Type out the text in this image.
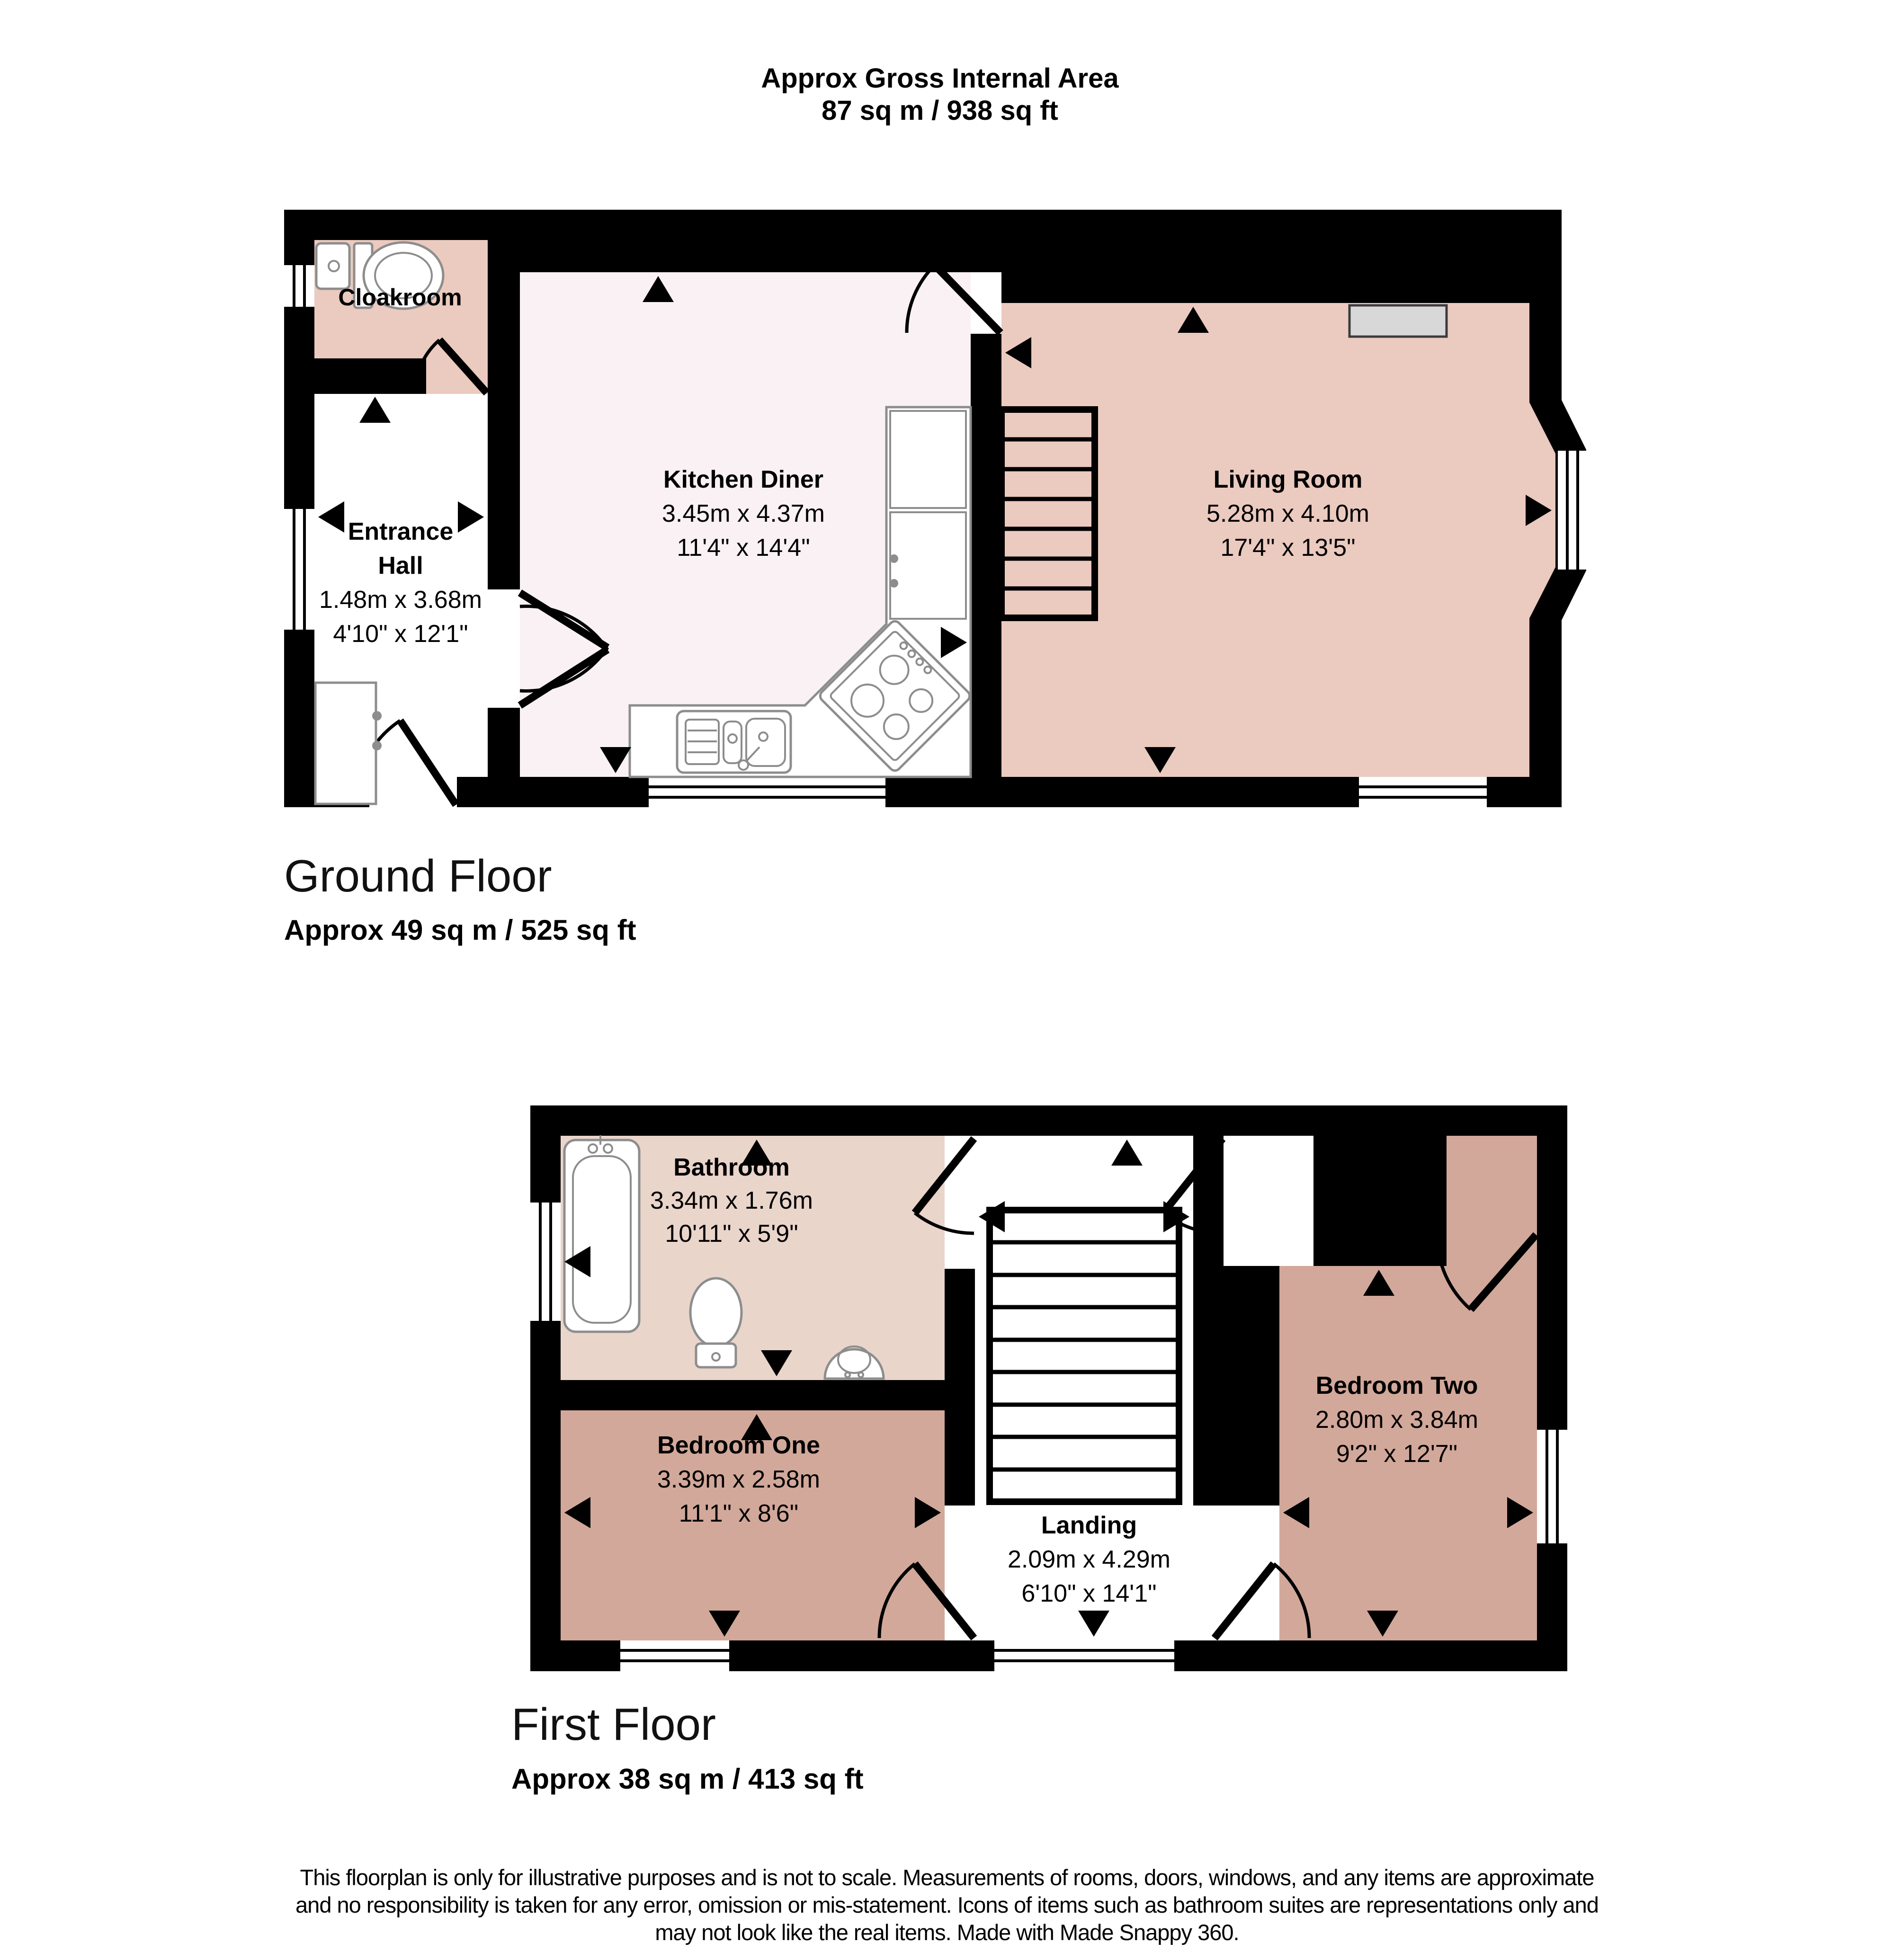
Approx Gross Internal Area
87 sq m / 938 sq ft
Cloakroom
Entrance
Hall
1.48m x 3.68m
4'10" x 12'1"
Kitchen Diner
3.45m x 4.37m
11'4" x 14'4"
Living Room
5.28m x 4.10m
17'4" x 13'5"
Ground Floor
Approx 49 sq m / 525 sq ft
Bathroom
3.34m x 1.76m
10'11" x 5'9"
Bedroom One
3.39m x 2.58m
11'1" x 8'6"
Bedroom Two
2.80m x 3.84m
9'2" x 12'7"
Landing
2.09m x 4.29m
6'10" x 14'1"
First Floor
Approx 38 sq m / 413 sq ft
This floorplan is only for illustrative purposes and is not to scale. Measurements of rooms, doors, windows, and any items are approximate
and no responsibility is taken for any error, omission or mis-statement. Icons of items such as bathroom suites are representations only and
may not look like the real items. Made with Made Snappy 360.
